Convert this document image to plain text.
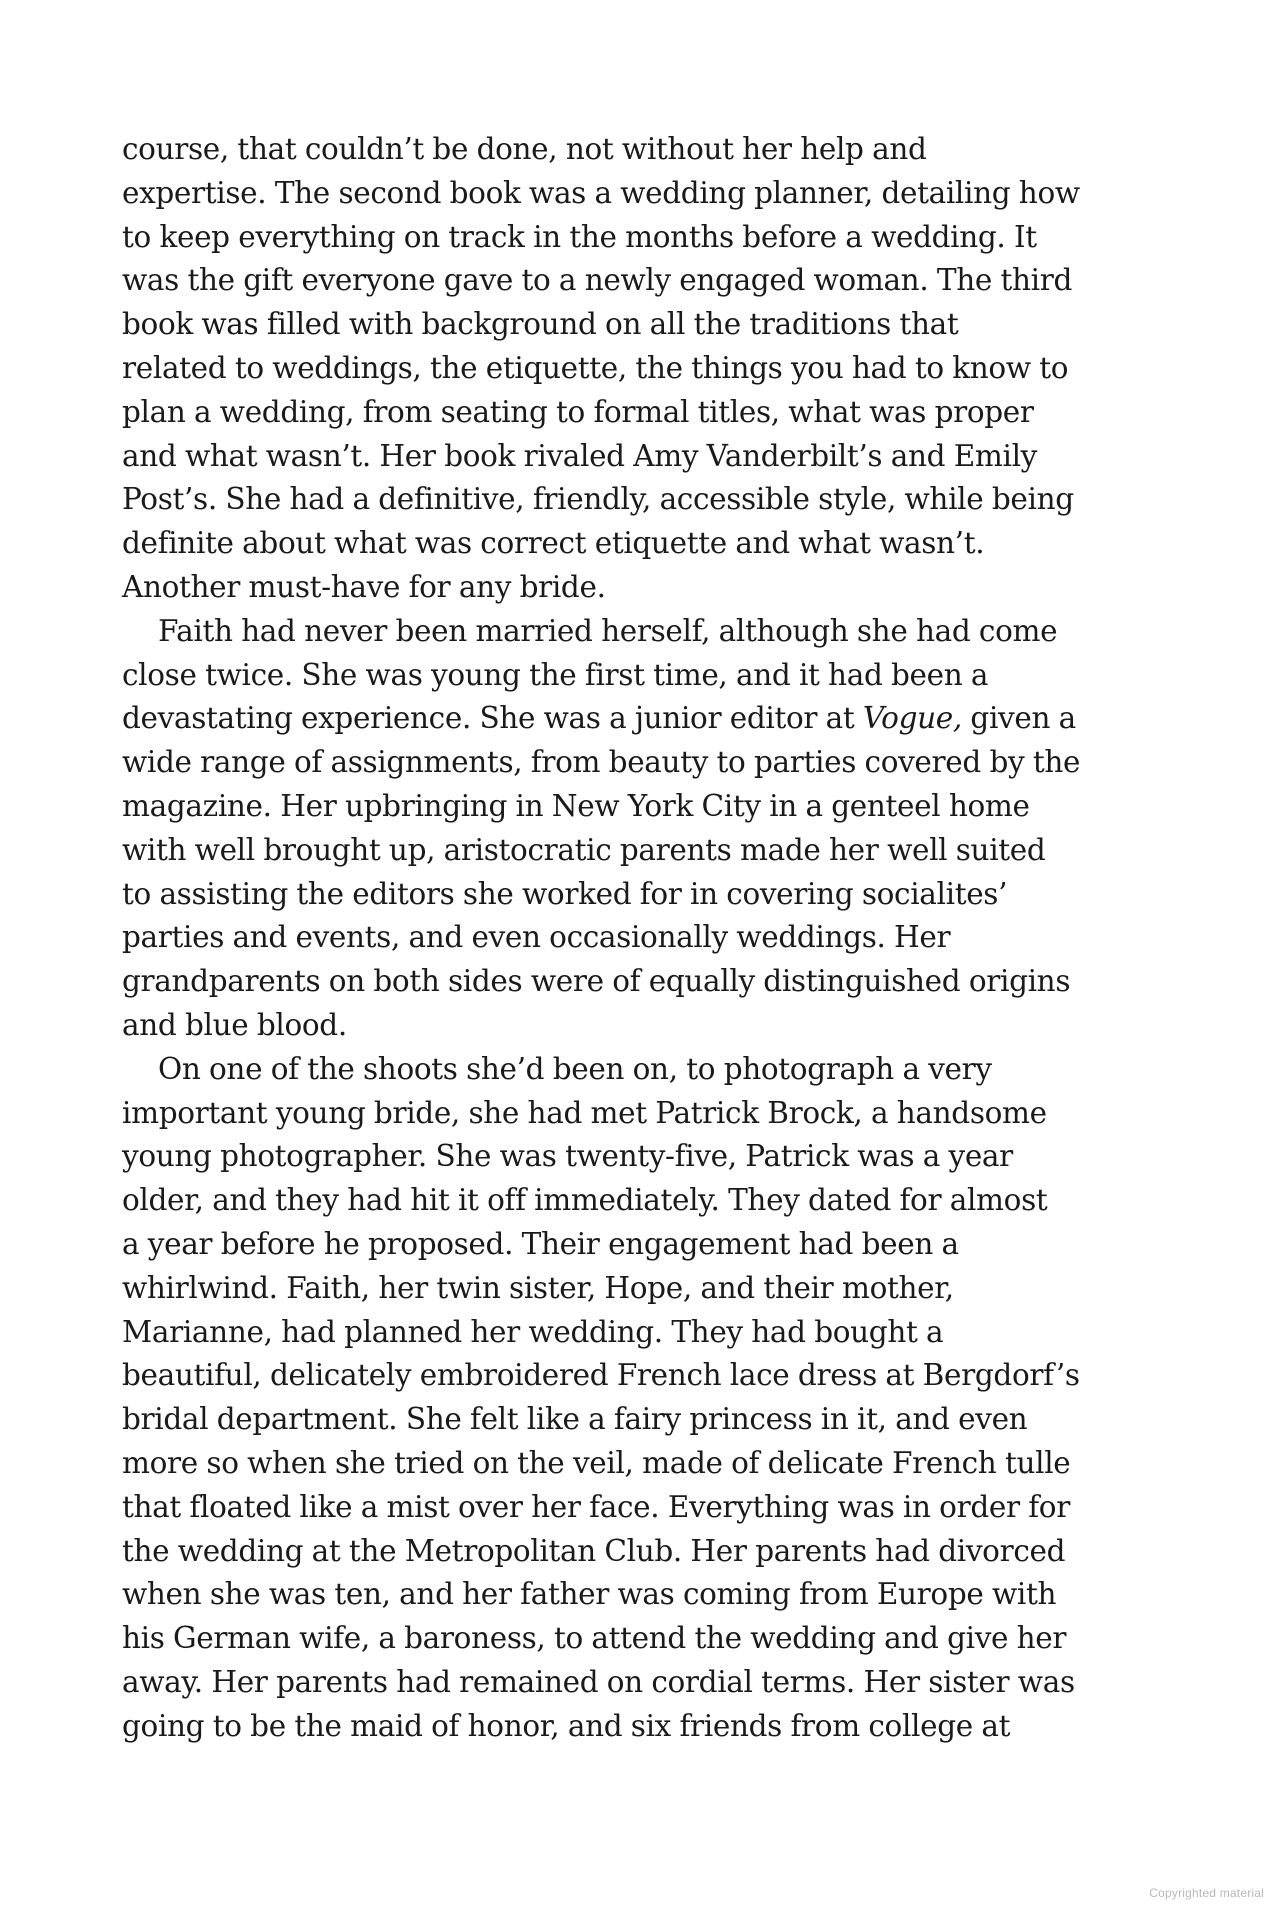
course, that couldn’t be done, not without her help and
expertise. The second book was a wedding planner, detailing how
to keep everything on track in the months before a wedding. It
was the gift everyone gave to a newly engaged woman. The third
book was filled with background on all the traditions that
related to weddings, the etiquette, the things you had to know to
plan a wedding, from seating to formal titles, what was proper
and what wasn’t. Her book rivaled Amy Vanderbilt’s and Emily
Post’s. She had a definitive, friendly, accessible style, while being
definite about what was correct etiquette and what wasn’t.
Another must-have for any bride.
Faith had never been married herself, although she had come
close twice. She was young the first time, and it had been a
devastating experience. She was a junior editor at Vogue, given a
wide range of assignments, from beauty to parties covered by the
magazine. Her upbringing in New York City in a genteel home
with well brought up, aristocratic parents made her well suited
to assisting the editors she worked for in covering socialites’
parties and events, and even occasionally weddings. Her
grandparents on both sides were of equally distinguished origins
and blue blood.
On one of the shoots she’d been on, to photograph a very
important young bride, she had met Patrick Brock, a handsome
young photographer. She was twenty-five, Patrick was a year
older, and they had hit it off immediately. They dated for almost
a year before he proposed. Their engagement had been a
whirlwind. Faith, her twin sister, Hope, and their mother,
Marianne, had planned her wedding. They had bought a
beautiful, delicately embroidered French lace dress at Bergdorf’s
bridal department. She felt like a fairy princess in it, and even
more so when she tried on the veil, made of delicate French tulle
that floated like a mist over her face. Everything was in order for
the wedding at the Metropolitan Club. Her parents had divorced
when she was ten, and her father was coming from Europe with
his German wife, a baroness, to attend the wedding and give her
away. Her parents had remained on cordial terms. Her sister was
going to be the maid of honor, and six friends from college at
Copyrighted material
